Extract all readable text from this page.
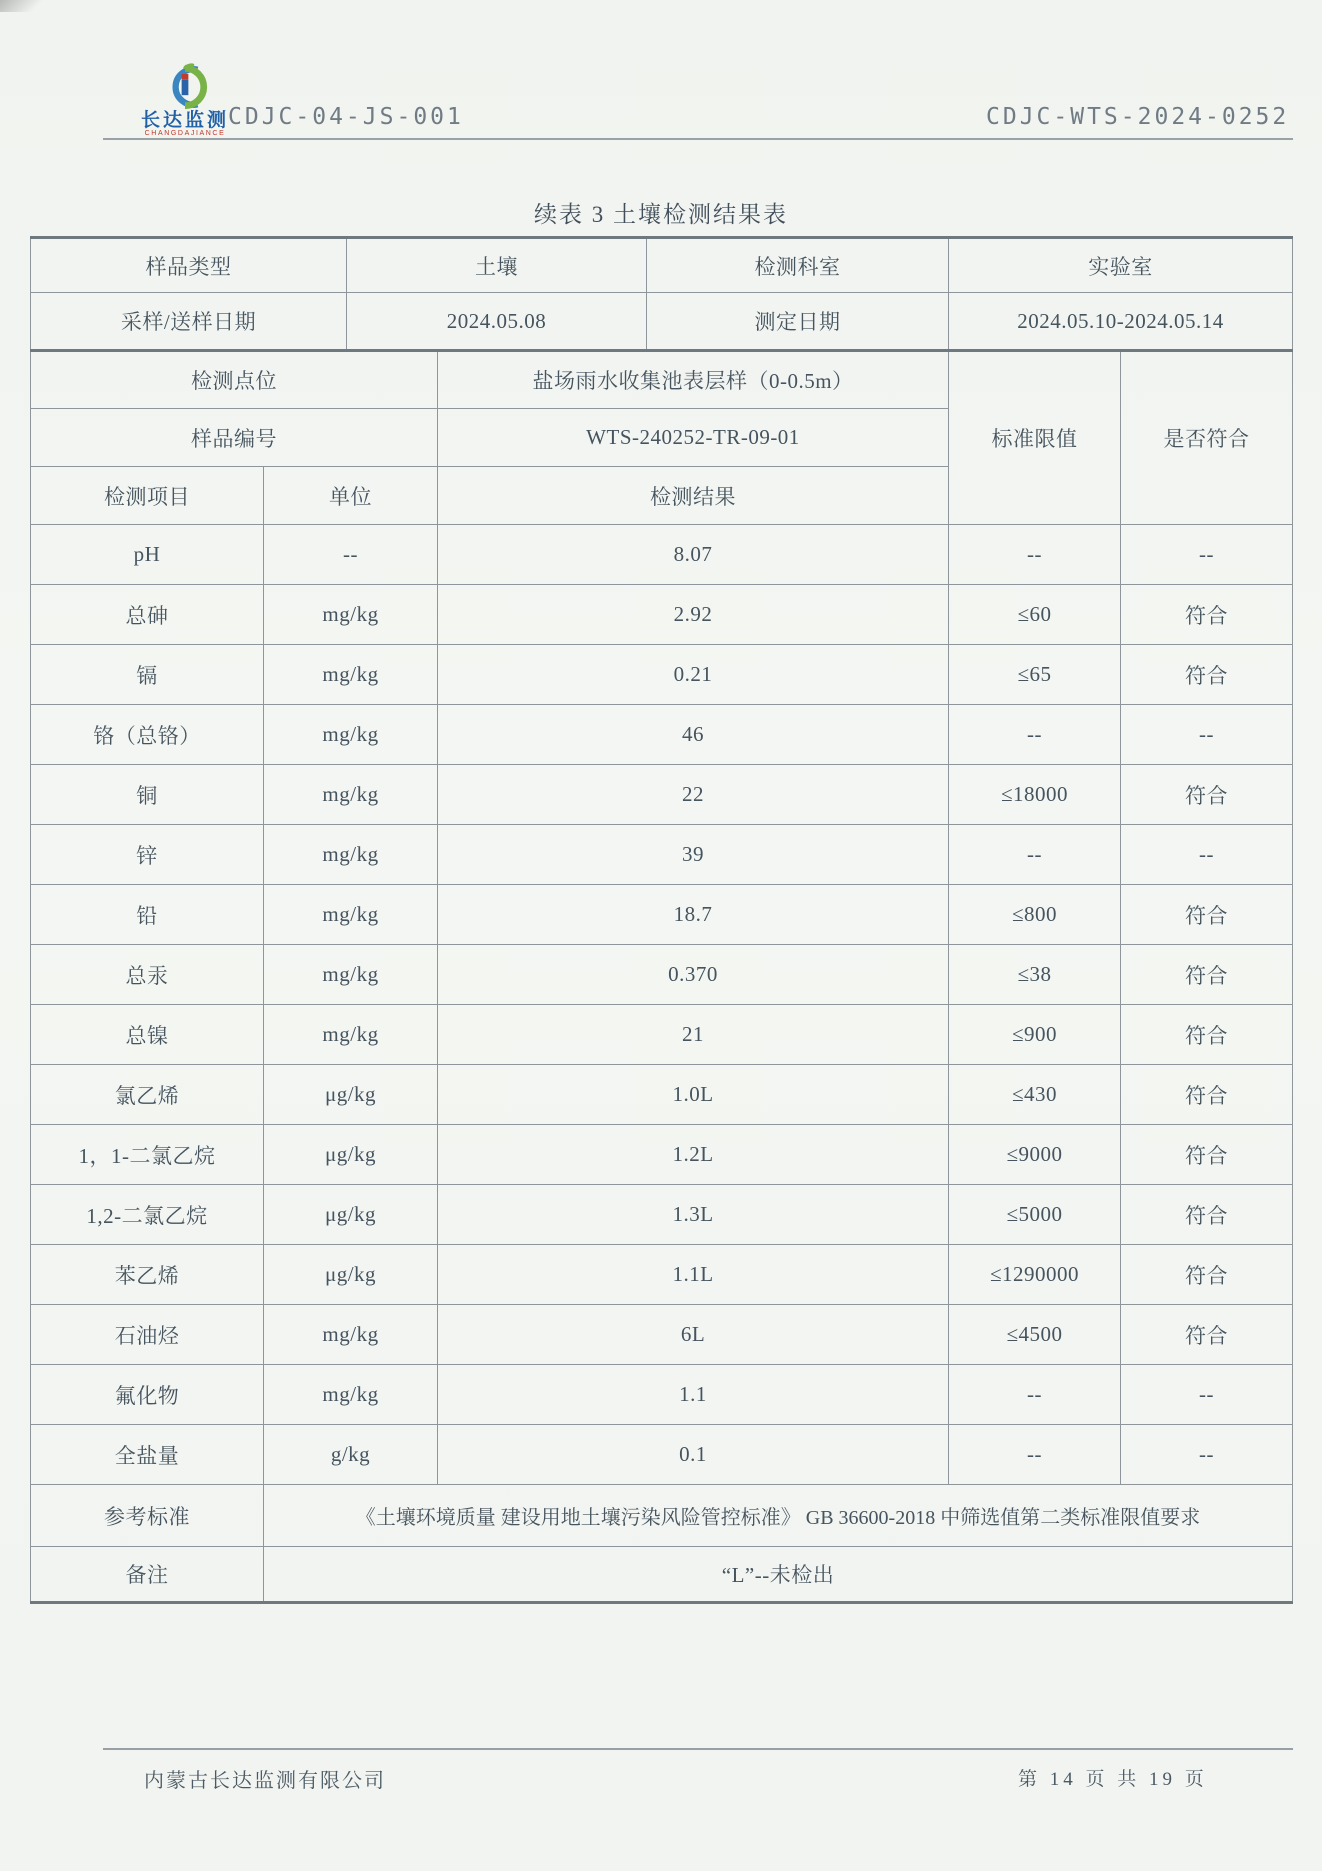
长达监测
CHANGDAJIANCE
CDJC-04-JS-001	CDJC-WTS-2024-0252
续表 3 土壤检测结果表
样品类型		土壤		检测科室	实验室	
采样/送样日期		2024.05.08		测定日期	2024.05.10-2024.05.14	
检测点位			盐场雨水收集池表层样（0-0.5m）		标准限值	是否符合
样品编号			WTS-240252-TR-09-01			
检测项目	单位		检测结果			
pH	--		8.07		--	--
总砷	mg/kg		2.92		≤60	符合
镉	mg/kg		0.21		≤65	符合
铬（总铬）	mg/kg		46		--	--
铜	mg/kg		22		≤18000	符合
锌	mg/kg		39		--	--
铅	mg/kg		18.7		≤800	符合
总汞	mg/kg		0.370		≤38	符合
总镍	mg/kg		21		≤900	符合
氯乙烯	μg/kg		1.0L		≤430	符合
1，1-二氯乙烷	μg/kg		1.2L		≤9000	符合
1,2-二氯乙烷	μg/kg		1.3L		≤5000	符合
苯乙烯	μg/kg		1.1L		≤1290000	符合
石油烃	mg/kg		6L		≤4500	符合
氟化物	mg/kg		1.1		--	--
全盐量	g/kg		0.1		--	--
参考标准	《土壤环境质量 建设用地土壤污染风险管控标准》 GB 36600-2018 中筛选值第二类标准限值要求					
备注	“L”--未检出					
内蒙古长达监测有限公司	第 14 页 共 19 页
